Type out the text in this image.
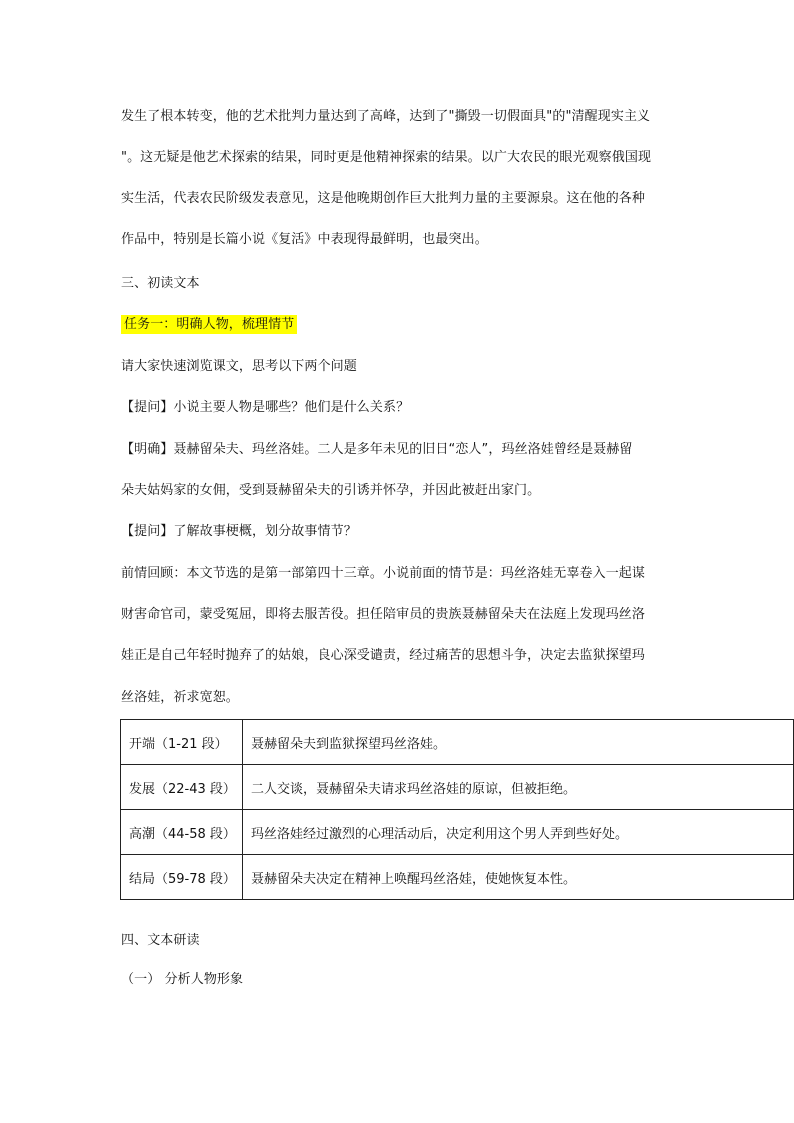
发生了根本转变，他的艺术批判力量达到了高峰，达到了"撕毁一切假面具"的"清醒现实主义
"。这无疑是他艺术探索的结果，同时更是他精神探索的结果。以广大农民的眼光观察俄国现
实生活，代表农民阶级发表意见，这是他晚期创作巨大批判力量的主要源泉。这在他的各种
作品中，特别是长篇小说《复活》中表现得最鲜明，也最突出。
三、初读文本
任务一：明确人物，梳理情节
请大家快速浏览课文，思考以下两个问题
【提问】小说主要人物是哪些？他们是什么关系？
【明确】聂赫留朵夫、玛丝洛娃。二人是多年未见的旧日“恋人”，玛丝洛娃曾经是聂赫留
朵夫姑妈家的女佣，受到聂赫留朵夫的引诱并怀孕，并因此被赶出家门。
【提问】了解故事梗概，划分故事情节？
前情回顾：本文节选的是第一部第四十三章。小说前面的情节是：玛丝洛娃无辜卷入一起谋
财害命官司，蒙受冤屈，即将去服苦役。担任陪审员的贵族聂赫留朵夫在法庭上发现玛丝洛
娃正是自己年轻时抛弃了的姑娘，良心深受谴责，经过痛苦的思想斗争，决定去监狱探望玛
丝洛娃，祈求宽恕。
开端（1-21 段）	聂赫留朵夫到监狱探望玛丝洛娃。
发展（22-43 段）	二人交谈，聂赫留朵夫请求玛丝洛娃的原谅，但被拒绝。
高潮（44-58 段）	玛丝洛娃经过激烈的心理活动后，决定利用这个男人弄到些好处。
结局（59-78 段）	聂赫留朵夫决定在精神上唤醒玛丝洛娃，使她恢复本性。
四、文本研读
（一） 分析人物形象
